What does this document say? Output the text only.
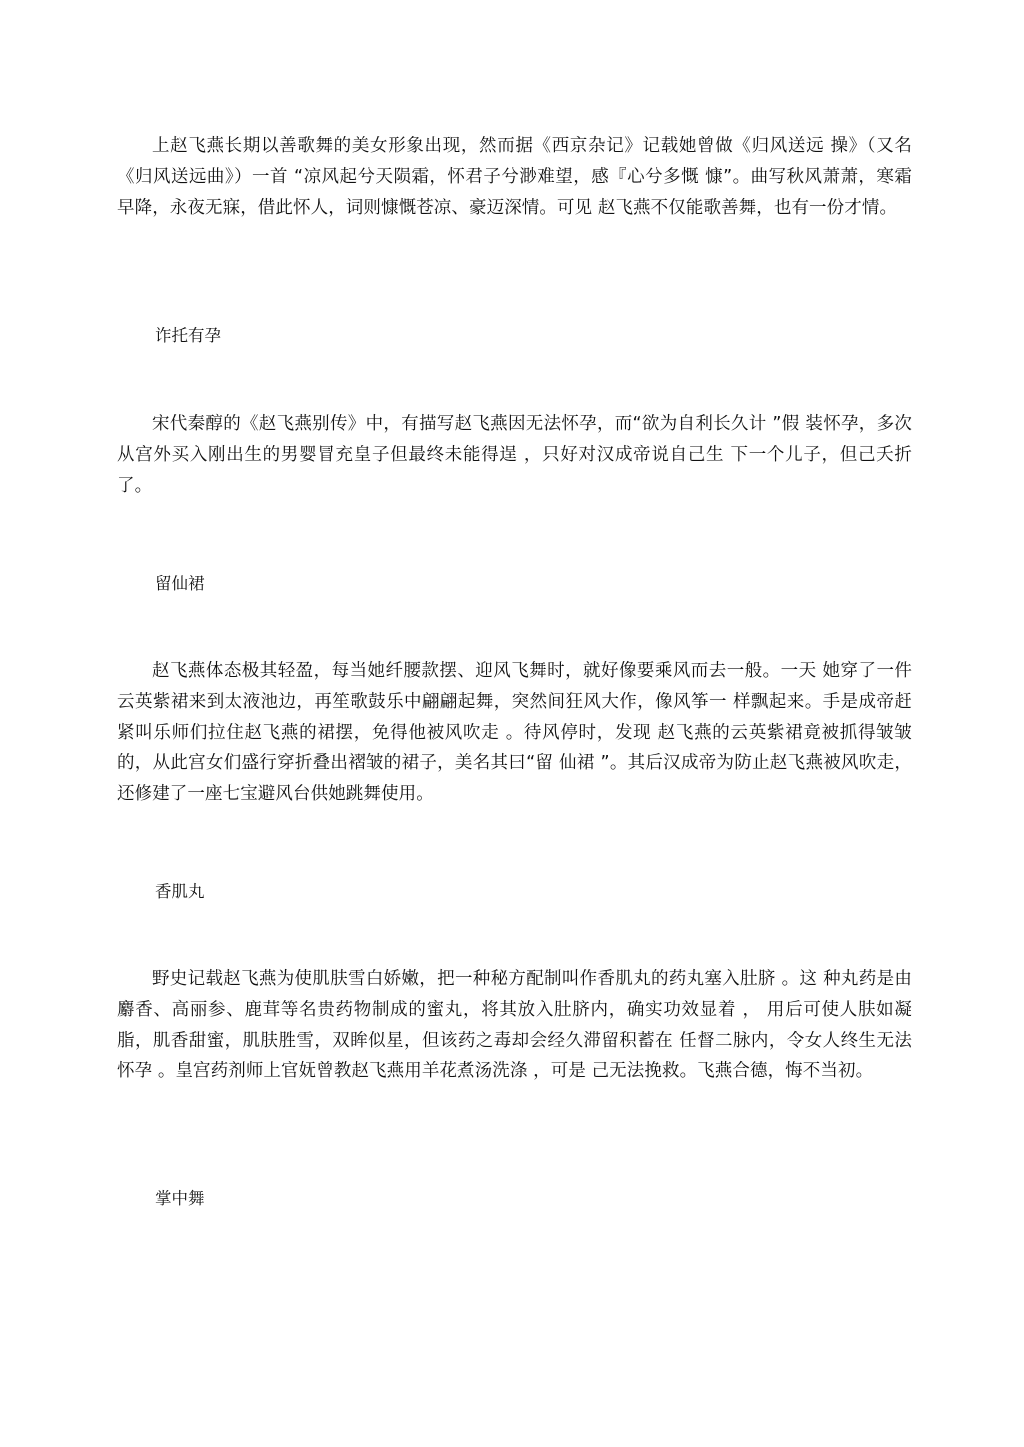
上赵飞燕长期以善歌舞的美女形象出现，然而据《西京杂记》记载她曾做《归风送远 操》（又名《归风送远曲》）一首 “凉风起兮天陨霜，怀君子兮渺难望，感『心兮多慨 慷”。曲写秋风萧萧，寒霜早降，永夜无寐，借此怀人，词则慷慨苍凉、豪迈深情。可见 赵飞燕不仅能歌善舞，也有一份才情。

诈托有孕

宋代秦醇的《赵飞燕别传》中，有描写赵飞燕因无法怀孕，而“欲为自利长久计 ”假 装怀孕，多次从宫外买入刚出生的男婴冒充皇子但最终未能得逞 ，只好对汉成帝说自己生 下一个儿子，但己夭折了。

留仙裙

赵飞燕体态极其轻盈，每当她纤腰款摆、迎风飞舞时，就好像要乘风而去一般。一天 她穿了一件云英紫裙来到太液池边，再笙歌鼓乐中翩翩起舞，突然间狂风大作，像风筝一 样飘起来。手是成帝赶紧叫乐师们拉住赵飞燕的裙摆，免得他被风吹走 。待风停时，发现 赵飞燕的云英紫裙竟被抓得皱皱的，从此宫女们盛行穿折叠出褶皱的裙子，美名其曰“留 仙裙 ”。其后汉成帝为防止赵飞燕被风吹走，还修建了一座七宝避风台供她跳舞使用。

香肌丸

野史记载赵飞燕为使肌肤雪白娇嫩，把一种秘方配制叫作香肌丸的药丸塞入肚脐 。这 种丸药是由麝香、高丽参、鹿茸等名贵药物制成的蜜丸，将其放入肚脐内，确实功效显着 ， 用后可使人肤如凝脂，肌香甜蜜，肌肤胜雪，双眸似星，但该药之毒却会经久滞留积蓄在 任督二脉内，令女人终生无法怀孕 。皇宫药剂师上官妩曾教赵飞燕用羊花煮汤洗涤 ，可是 己无法挽救。飞燕合德，悔不当初。

掌中舞
